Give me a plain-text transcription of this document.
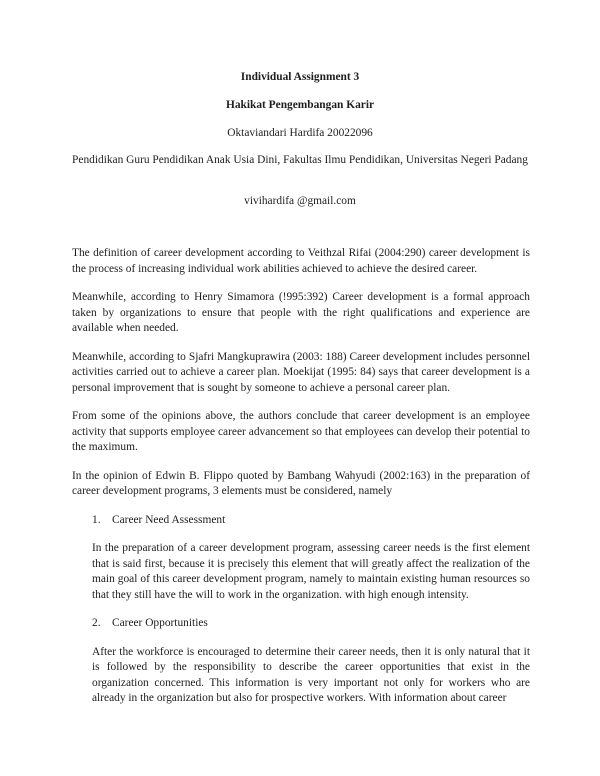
Individual Assignment 3
Hakikat Pengembangan Karir
Oktaviandari Hardifa 20022096
Pendidikan Guru Pendidikan Anak Usia Dini, Fakultas Ilmu Pendidikan, Universitas Negeri Padang
vivihardifa @gmail.com

The definition of career development according to Veithzal Rifai (2004:290) career development is the process of increasing individual work abilities achieved to achieve the desired career.

Meanwhile, according to Henry Simamora (!995:392) Career development is a formal approach taken by organizations to ensure that people with the right qualifications and experience are available when needed.

Meanwhile, according to Sjafri Mangkuprawira (2003: 188) Career development includes personnel activities carried out to achieve a career plan. Moekijat (1995: 84) says that career development is a personal improvement that is sought by someone to achieve a personal career plan.

From some of the opinions above, the authors conclude that career development is an employee activity that supports employee career advancement so that employees can develop their potential to the maximum.

In the opinion of Edwin B. Flippo quoted by Bambang Wahyudi (2002:163) in the preparation of career development programs, 3 elements must be considered, namely

1.	Career Need Assessment

In the preparation of a career development program, assessing career needs is the first element that is said first, because it is precisely this element that will greatly affect the realization of the main goal of this career development program, namely to maintain existing human resources so that they still have the will to work in the organization. with high enough intensity.

2.	Career Opportunities

After the workforce is encouraged to determine their career needs, then it is only natural that it is followed by the responsibility to describe the career opportunities that exist in the organization concerned. This information is very important not only for workers who are already in the organization but also for prospective workers. With information about career
